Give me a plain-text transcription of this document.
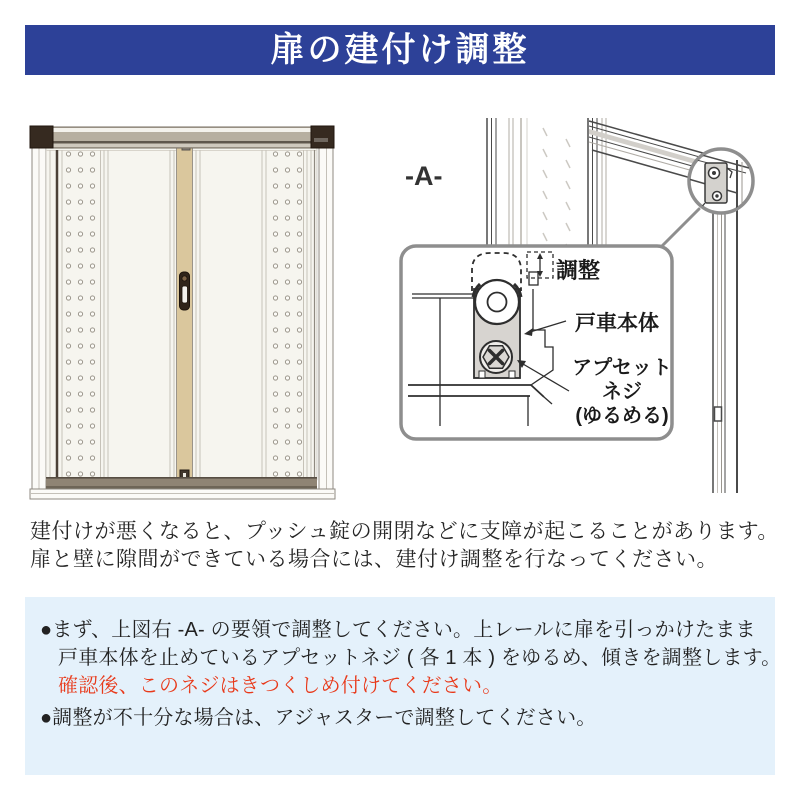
扉の建付け調整
-A-
調整
戸車本体
アプセット
ネジ
(ゆるめる)
建付けが悪くなると、プッシュ錠の開閉などに支障が起こることがあります。
扉と壁に隙間ができている場合には、建付け調整を行なってください。
●まず、上図右 -A- の要領で調整してください。上レールに扉を引っかけたまま
戸車本体を止めているアプセットネジ ( 各 1 本 ) をゆるめ、傾きを調整します。
確認後、このネジはきつくしめ付けてください。
●調整が不十分な場合は、アジャスターで調整してください。
